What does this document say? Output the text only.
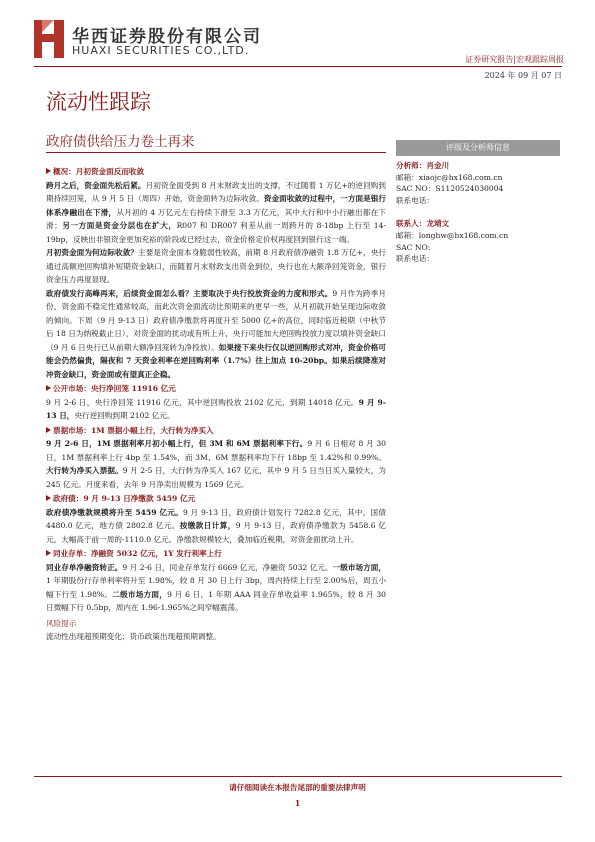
华西证券股份有限公司
HUAXI SECURITIES CO.,LTD.
证券研究报告|宏观跟踪周报
2024 年 09 月 07 日
流动性跟踪
政府债供给压力卷土再来
概况：月初资金面反而收敛

跨月之后，资金面先松后紧。月初资金面受到 8 月末财政支出的支撑，不过随着 1 万亿+的逆回购到期持续回笼，从 9 月 5 日（周四）开始，资金面转为边际收敛。资金面收敛的过程中，一方面是银行体系净融出在下滑，从月初的 4 万亿元左右持续下滑至 3.3 万亿元，其中大行和中小行融出都在下滑；另一方面是资金分层也在扩大，R007 和 DR007 利差从前一周跨月的 8-18bp 上行至 14-19bp，反映出非银资金更加充裕的阶段或已经过去，资金价格定价权再度回到银行这一端。

月初资金面为何边际收敛？主要是资金面本身脆弱性较高，前期 8 月政府债净融资 1.8 万亿+，央行通过高额逆回购填补短期资金缺口，而随着月末财政支出资金到位，央行也在大额净回笼资金，银行资金压力再度显现。

政府债发行高峰再来，后续资金面怎么看？主要取决于央行投放资金的力度和形式。9 月作为跨季月份，资金面不稳定性通常较高，而此次资金面流动比预期来的更早一些，从月初就开始呈现边际收敛的倾向。下周（9 月 9-13 日）政府债净缴款将再度升至 5000 亿+的高位，同时临近税期（中秋节后 18 日为纳税截止日），对资金面的扰动或有所上升，央行可能加大逆回购投放力度以填补资金缺口（9 月 6 日央行已从前期大额净回笼转为净投放）。如果接下来央行仅以逆回购形式对冲，资金价格可能会仍然偏贵，隔夜和 7 天资金利率在逆回购利率（1.7%）往上加点 10-20bp。如果后续降准对冲资金缺口，资金面或有望真正企稳。

公开市场：央行净回笼 11916 亿元

9 月 2-6 日，央行净回笼 11916 亿元，其中逆回购投放 2102 亿元，到期 14018 亿元。9 月 9-13 日，央行逆回购到期 2102 亿元。

票据市场：1M 票据小幅上行，大行转为净买入

9 月 2-6 日，1M 票据利率月初小幅上行，但 3M 和 6M 票据利率下行。9 月 6 日相对 8 月 30 日，1M 票据利率上行 4bp 至 1.54%，而 3M、6M 票据利率均下行 18bp 至 1.42%和 0.99%。大行转为净买入票据。9 月 2-5 日，大行转为净买入 167 亿元，其中 9 月 5 日当日买入量较大，为 245 亿元。月度来看，去年 9 月净卖出规模为 1569 亿元。

政府债：9 月 9-13 日净缴款 5459 亿元

政府债净缴款规模将升至 5459 亿元。9 月 9-13 日，政府债计划发行 7282.8 亿元，其中，国债 4480.0 亿元，地方债 2802.8 亿元。按缴款日计算，9 月 9-13 日，政府债净缴款为 5458.6 亿元，大幅高于前一周的-1110.0 亿元。净缴款规模较大，叠加临近税期，对资金面扰动上升。

同业存单：净融资 5032 亿元，1Y 发行利率上行

同业存单净融资转正。9 月 2-6 日，同业存单发行 6669 亿元，净融资 5032 亿元。一级市场方面，1 年期股份行存单利率将升至 1.98%，较 8 月 30 日上行 3bp，周内持续上行至 2.00%后，周五小幅下行至 1.98%。二级市场方面，9 月 6 日，1 年期 AAA 同业存单收益率 1.965%，较 8 月 30 日微幅下行 0.5bp，周内在 1.96-1.965%之间窄幅震荡。

风险提示

流动性出现超预期变化；货币政策出现超预期调整。

评级及分析师信息
分析师：肖金川
邮箱：xiaojc@hx168.com.cn
SAC NO：S1120524030004
联系电话：
联系人：龙靖文
邮箱：longhw@hx168.com.cn
SAC NO:
联系电话：
请仔细阅读在本报告尾部的重要法律声明
1
